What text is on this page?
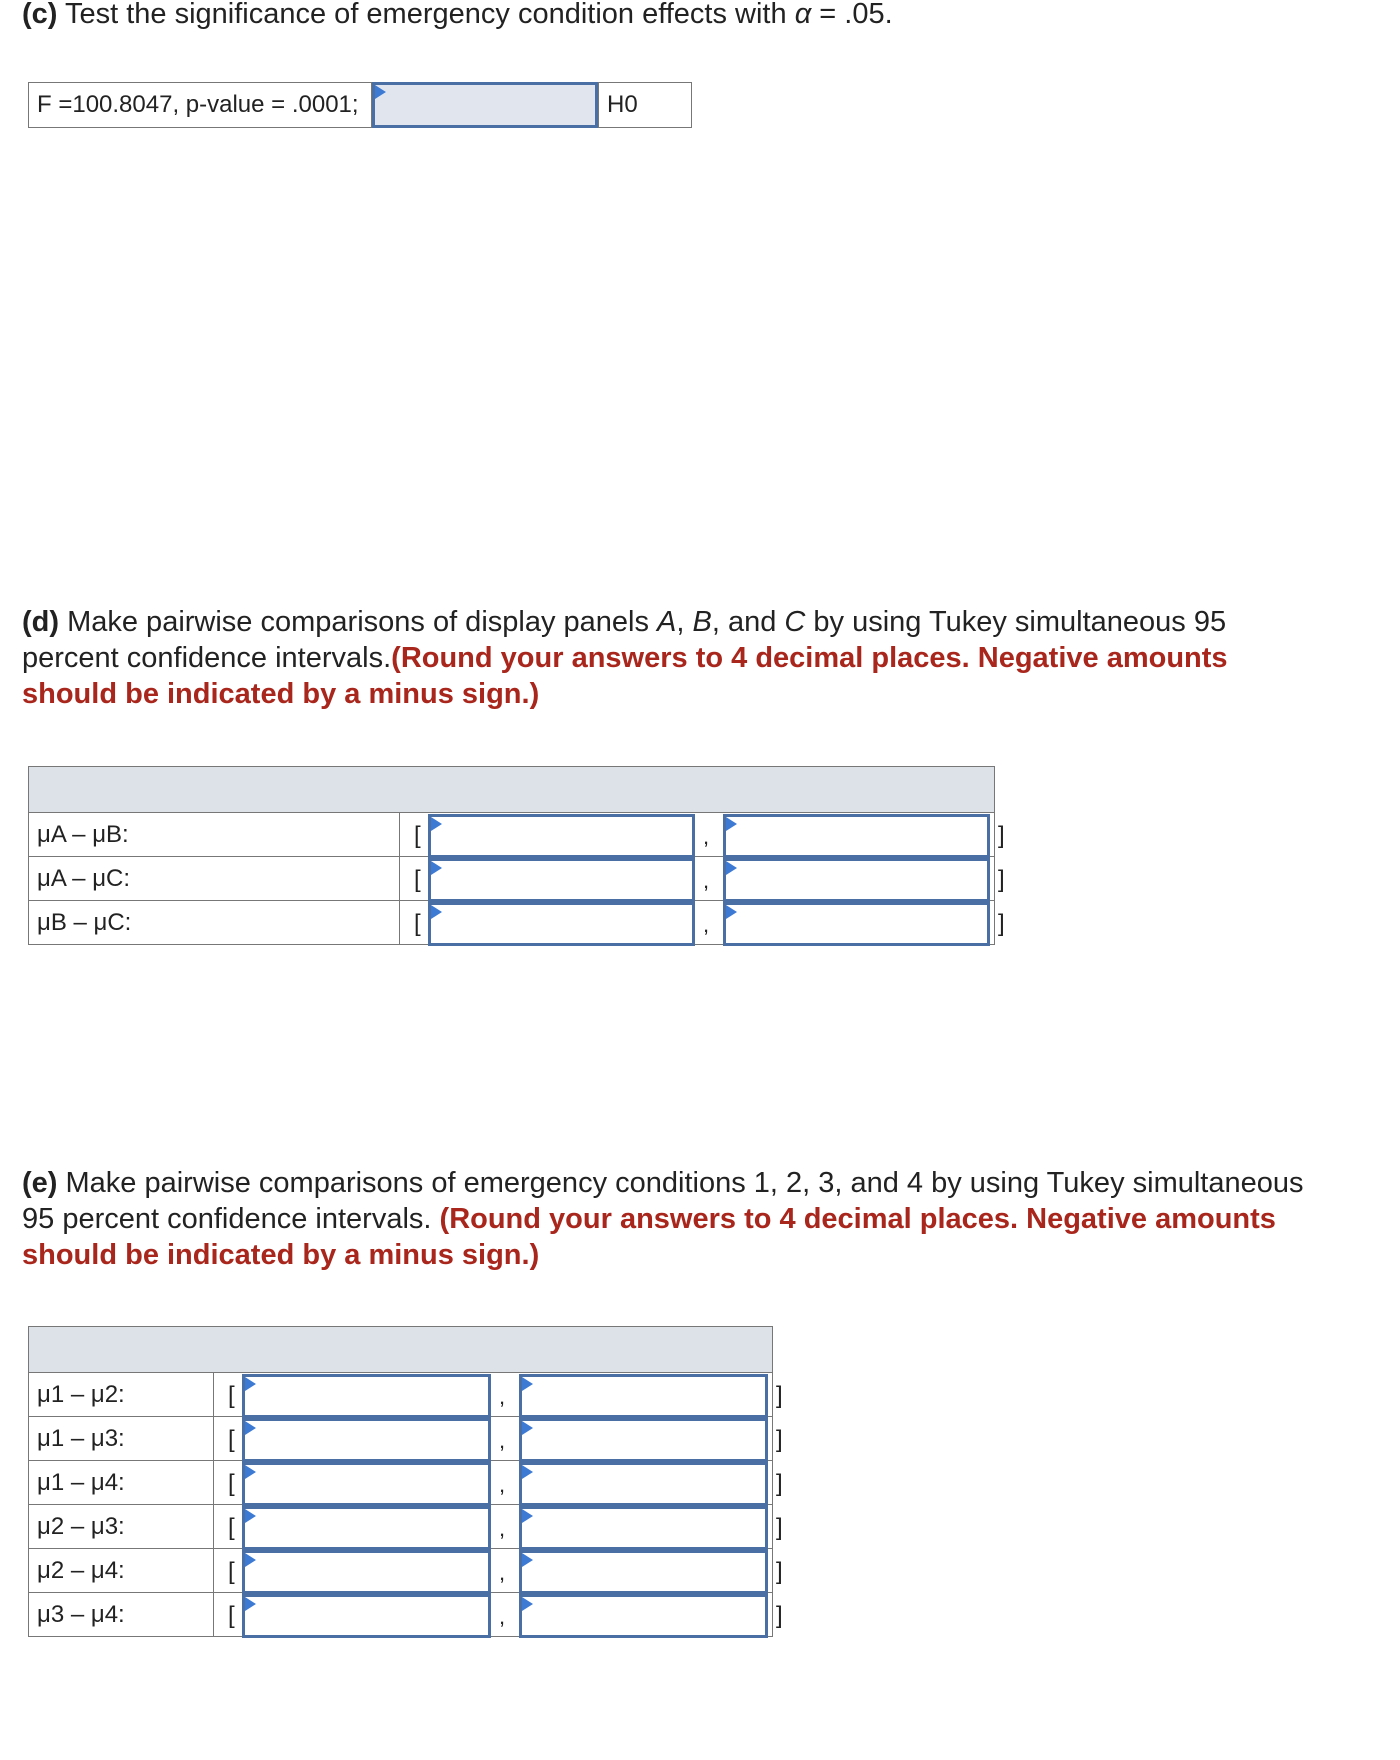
(c) Test the significance of emergency condition effects with α = .05.

F =100.8047, p-value = .0001;	H0

(d) Make pairwise comparisons of display panels A, B, and C by using Tukey simultaneous 95 percent confidence intervals.(Round your answers to 4 decimal places. Negative amounts should be indicated by a minus sign.)

μA – μB:	[ , ]

μA – μC:	[ , ]

μB – μC:	[ , ]

(e) Make pairwise comparisons of emergency conditions 1, 2, 3, and 4 by using Tukey simultaneous 95 percent confidence intervals. (Round your answers to 4 decimal places. Negative amounts should be indicated by a minus sign.)

μ1 – μ2:	[ , ]

μ1 – μ3:	[ , ]

μ1 – μ4:	[ , ]

μ2 – μ3:	[ , ]

μ2 – μ4:	[ , ]

μ3 – μ4:	[ , ]
